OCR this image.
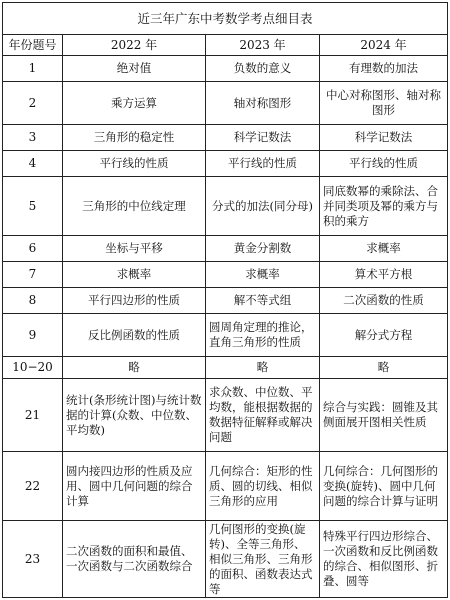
近三年广东中考数学考点细目表			
年份题号	2022 年	2023 年	2024 年
1	绝对值	负数的意义	有理数的加法
2	乘方运算	轴对称图形	中心对称图形、轴对称图形
3	三角形的稳定性	科学记数法	科学记数法
4	平行线的性质	平行线的性质	平行线的性质
5	三角形的中位线定理	分式的加法(同分母)	同底数幂的乘除法、合并同类项及幂的乘方与积的乘方
6	坐标与平移	黄金分割数	求概率
7	求概率	求概率	算术平方根
8	平行四边形的性质	解不等式组	二次函数的性质
9	反比例函数的性质	圆周角定理的推论，直角三角形的性质	解分式方程
10−20	略	略	略
21	统计(条形统计图)与统计数据的计算(众数、中位数、平均数)	求众数、中位数、平均数，能根据数据的数据特征解释或解决问题	综合与实践：圆锥及其侧面展开图相关性质
22	圆内接四边形的性质及应用、圆中几何问题的综合计算	几何综合：矩形的性质、圆的切线、相似三角形的应用	几何综合：几何图形的变换(旋转)、圆中几何问题的综合计算与证明
23	二次函数的面积和最值、一次函数与二次函数综合	几何图形的变换(旋转)、全等三角形、相似三角形、三角形的面积、函数表达式等	特殊平行四边形综合、一次函数和反比例函数的综合、相似图形、折叠、圆等
